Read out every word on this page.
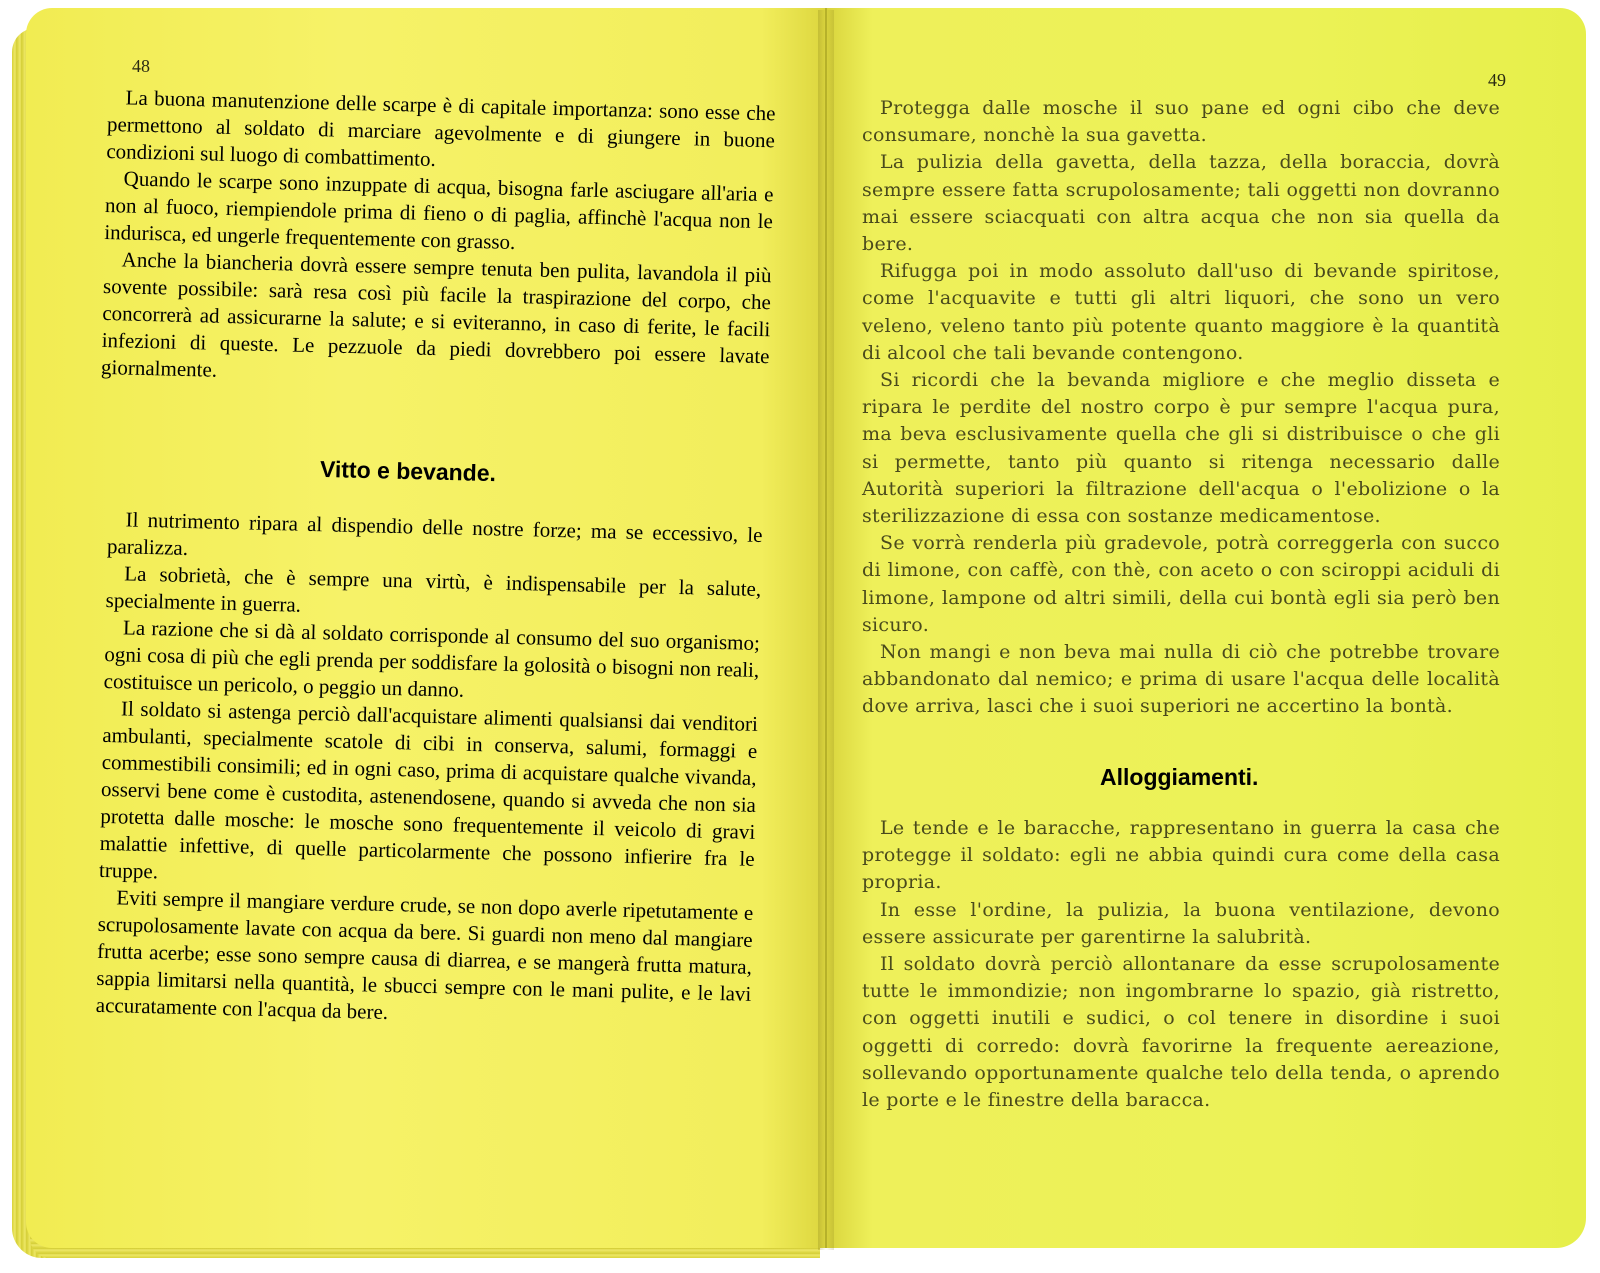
48
49

La buona manutenzione delle scarpe è di capitale importanza: sono esse che permettono al soldato di marciare agevolmente e di giungere in buone condizioni sul luogo di combattimento.

Quando le scarpe sono inzuppate di acqua, bisogna farle asciugare all'aria e non al fuoco, riempiendole prima di fieno o di paglia, affinchè l'acqua non le indurisca, ed ungerle frequentemente con grasso.

Anche la biancheria dovrà essere sempre tenuta ben pulita, lavandola il più sovente possibile: sarà resa così più facile la traspirazione del corpo, che concorrerà ad assicurarne la salute; e si eviteranno, in caso di ferite, le facili infezioni di queste. Le pezzuole da piedi dovrebbero poi essere lavate giornalmente.

Vitto e bevande.

Il nutrimento ripara al dispendio delle nostre forze; ma se eccessivo, le paralizza.

La sobrietà, che è sempre una virtù, è indispensabile per la salute, specialmente in guerra.

La razione che si dà al soldato corrisponde al consumo del suo organismo; ogni cosa di più che egli prenda per soddisfare la golosità o bisogni non reali, costituisce un pericolo, o peggio un danno.

Il soldato si astenga perciò dall'acquistare alimenti qualsiansi dai venditori ambulanti, specialmente scatole di cibi in conserva, salumi, formaggi e commestibili consimili; ed in ogni caso, prima di acquistare qualche vivanda, osservi bene come è custodita, astenendosene, quando si avveda che non sia protetta dalle mosche: le mosche sono frequentemente il veicolo di gravi malattie infettive, di quelle particolarmente che possono infierire fra le truppe.

Eviti sempre il mangiare verdure crude, se non dopo averle ripetutamente e scrupolosamente lavate con acqua da bere. Si guardi non meno dal mangiare frutta acerbe; esse sono sempre causa di diarrea, e se mangerà frutta matura, sappia limitarsi nella quantità, le sbucci sempre con le mani pulite, e le lavi accuratamente con l'acqua da bere.

Protegga dalle mosche il suo pane ed ogni cibo che deve consumare, nonchè la sua gavetta.

La pulizia della gavetta, della tazza, della boraccia, dovrà sempre essere fatta scrupolosamente; tali oggetti non dovranno mai essere sciacquati con altra acqua che non sia quella da bere.

Rifugga poi in modo assoluto dall'uso di bevande spiritose, come l'acquavite e tutti gli altri liquori, che sono un vero veleno, veleno tanto più potente quanto maggiore è la quantità di alcool che tali bevande contengono.

Si ricordi che la bevanda migliore e che meglio disseta e ripara le perdite del nostro corpo è pur sempre l'acqua pura, ma beva esclusivamente quella che gli si distribuisce o che gli si permette, tanto più quanto si ritenga necessario dalle Autorità superiori la filtrazione dell'acqua o l'ebolizione o la sterilizzazione di essa con sostanze medicamentose.

Se vorrà renderla più gradevole, potrà correggerla con succo di limone, con caffè, con thè, con aceto o con sciroppi aciduli di limone, lampone od altri simili, della cui bontà egli sia però ben sicuro.

Non mangi e non beva mai nulla di ciò che potrebbe trovare abbandonato dal nemico; e prima di usare l'acqua delle località dove arriva, lasci che i suoi superiori ne accertino la bontà.

Alloggiamenti.

Le tende e le baracche, rappresentano in guerra la casa che protegge il soldato: egli ne abbia quindi cura come della casa propria.

In esse l'ordine, la pulizia, la buona ventilazione, devono essere assicurate per garentirne la salubrità.

Il soldato dovrà perciò allontanare da esse scrupolosamente tutte le immondizie; non ingombrarne lo spazio, già ristretto, con oggetti inutili e sudici, o col tenere in disordine i suoi oggetti di corredo: dovrà favorirne la frequente aereazione, sollevando opportunamente qualche telo della tenda, o aprendo le porte e le finestre della baracca.
